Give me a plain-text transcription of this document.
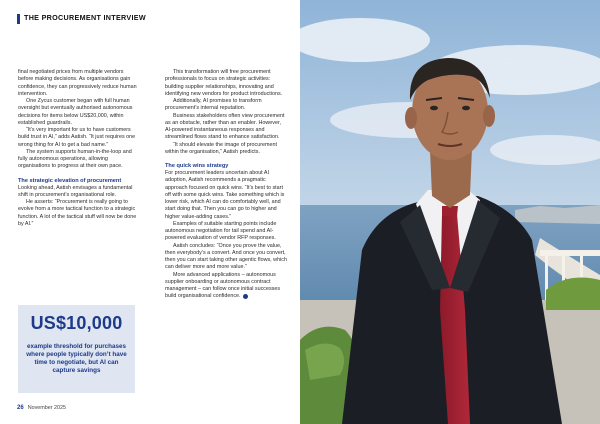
THE PROCUREMENT INTERVIEW

final negotiated prices from multiple vendors before making decisions. As organisations gain confidence, they can progressively reduce human intervention.

One Zycus customer began with full human oversight but eventually authorised autonomous decisions for items below US$20,000, within established guardrails.

“It’s very important for us to have customers build trust in AI,” adds Aatish. “It just requires one wrong thing for AI to get a bad name.”

The system supports human-in-the-loop and fully autonomous operations, allowing organisations to progress at their own pace.

The strategic elevation of procurement

Looking ahead, Aatish envisages a fundamental shift in procurement’s organisational role.

He asserts: “Procurement is really going to evolve from a more tactical function to a strategic function. A lot of the tactical stuff will now be done by AI.”

US$10,000
example threshold for purchases where people typically don’t have time to negotiate, but AI can capture savings

This transformation will free procurement professionals to focus on strategic activities: building supplier relationships, innovating and identifying new vendors for product introductions.

Additionally, AI promises to transform procurement’s internal reputation.

Business stakeholders often view procurement as an obstacle, rather than an enabler. However, AI-powered instantaneous responses and streamlined flows stand to enhance satisfaction.

“It should elevate the image of procurement within the organisation,” Aatish predicts.

The quick wins strategy

For procurement leaders uncertain about AI adoption, Aatish recommends a pragmatic approach focused on quick wins. “It’s best to start off with some quick wins. Take something which is lower risk, which AI can do comfortably well, and start doing that. Then you can go to higher and higher value-adding cases.”

Examples of suitable starting points include autonomous negotiation for tail spend and AI-powered evaluation of vendor RFP responses.

Aatish concludes: “Once you prove the value, then everybody’s a convert. And once you convert, then you can start taking other agentic flows, which can deliver more and more value.”

More advanced applications – autonomous supplier onboarding or autonomous contract management – can follow once initial successes build organisational confidence.

26 November 2025
